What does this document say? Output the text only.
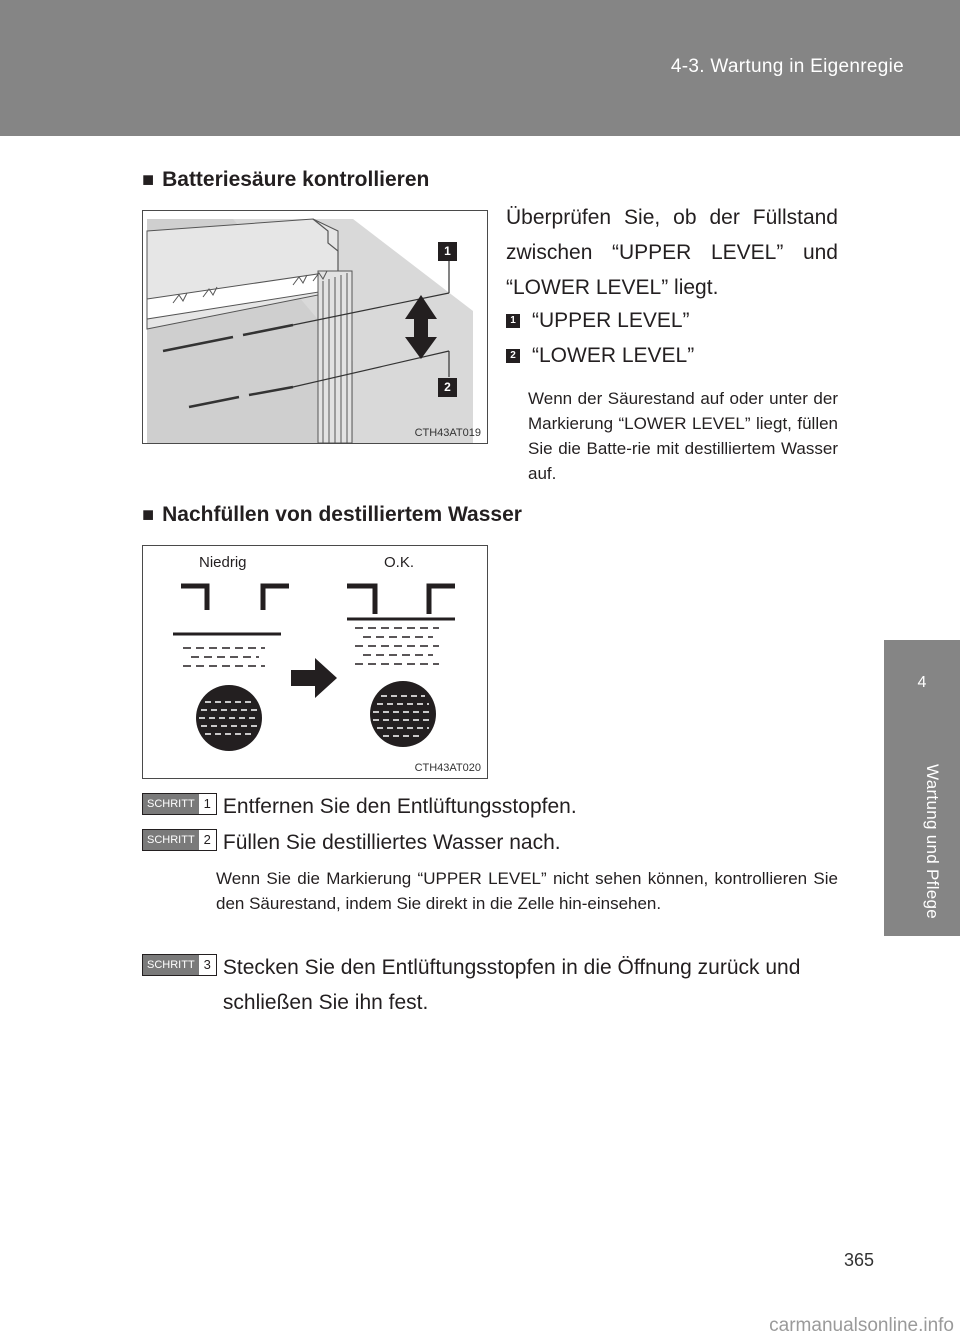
4-3. Wartung in Eigenregie
4
Wartung und Pflege
■ Batteriesäure kontrollieren
1
2
CTH43AT019
Überprüfen Sie, ob der Füllstand zwischen “UPPER LEVEL” und “LOWER LEVEL” liegt.
1 “UPPER LEVEL”
2 “LOWER LEVEL”
Wenn der Säurestand auf oder unter der Markierung “LOWER LEVEL” liegt, füllen Sie die Batte-rie mit destilliertem Wasser auf.
■ Nachfüllen von destilliertem Wasser
Niedrig	O.K.
CTH43AT020
SCHRITT 1 Entfernen Sie den Entlüftungsstopfen.
SCHRITT 2 Füllen Sie destilliertes Wasser nach.
Wenn Sie die Markierung “UPPER LEVEL” nicht sehen können, kontrollieren Sie den Säurestand, indem Sie direkt in die Zelle hin-einsehen.
SCHRITT 3 Stecken Sie den Entlüftungsstopfen in die Öffnung zurück und schließen Sie ihn fest.
365
carmanualsonline.info
